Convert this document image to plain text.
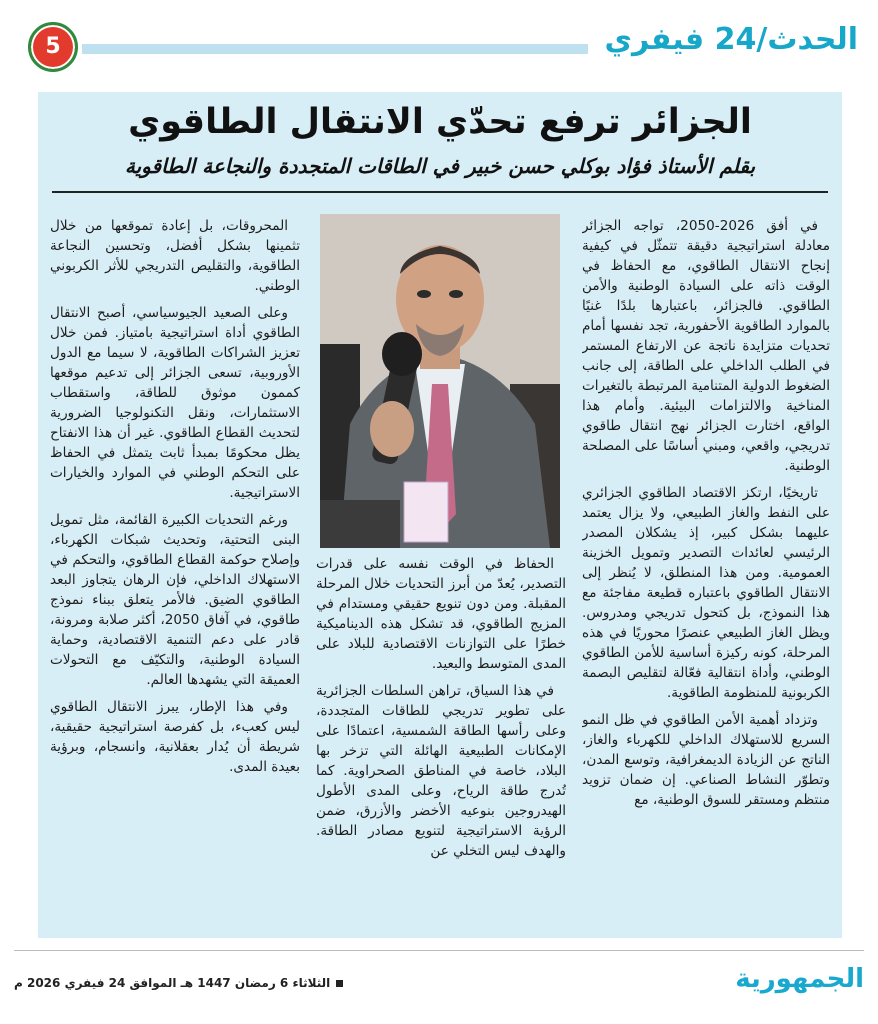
5	الحدث/24 فيفري
الجزائر ترفع تحدّي الانتقال الطاقوي
بقلم الأستاذ فؤاد بوكلي حسن خبير في الطاقات المتجددة والنجاعة الطاقوية

في أفق 2026-2050، تواجه الجزائر معادلة استراتيجية دقيقة تتمثّل في كيفية إنجاح الانتقال الطاقوي، مع الحفاظ في الوقت ذاته على السيادة الوطنية والأمن الطاقوي. فالجزائر، باعتبارها بلدًا غنيًا بالموارد الطاقوية الأحفورية، تجد نفسها أمام تحديات متزايدة ناتجة عن الارتفاع المستمر في الطلب الداخلي على الطاقة، إلى جانب الضغوط الدولية المتنامية المرتبطة بالتغيرات المناخية والالتزامات البيئية. وأمام هذا الواقع، اختارت الجزائر نهج انتقال طاقوي تدريجي، واقعي، ومبني أساسًا على المصلحة الوطنية.

تاريخيًا، ارتكز الاقتصاد الطاقوي الجزائري على النفط والغاز الطبيعي، ولا يزال يعتمد عليهما بشكل كبير، إذ يشكلان المصدر الرئيسي لعائدات التصدير وتمويل الخزينة العمومية. ومن هذا المنطلق، لا يُنظر إلى الانتقال الطاقوي باعتباره قطيعة مفاجئة مع هذا النموذج، بل كتحول تدريجي ومدروس. ويظل الغاز الطبيعي عنصرًا محوريًا في هذه المرحلة، كونه ركيزة أساسية للأمن الطاقوي الوطني، وأداة انتقالية فعّالة لتقليص البصمة الكربونية للمنظومة الطاقوية.

وتزداد أهمية الأمن الطاقوي في ظل النمو السريع للاستهلاك الداخلي للكهرباء والغاز، الناتج عن الزيادة الديمغرافية، وتوسع المدن، وتطوّر النشاط الصناعي. إن ضمان تزويد منتظم ومستقر للسوق الوطنية، مع

الحفاظ في الوقت نفسه على قدرات التصدير، يُعدّ من أبرز التحديات خلال المرحلة المقبلة. ومن دون تنويع حقيقي ومستدام في المزيج الطاقوي، قد تشكل هذه الديناميكية خطرًا على التوازنات الاقتصادية للبلاد على المدى المتوسط والبعيد.

في هذا السياق، تراهن السلطات الجزائرية على تطوير تدريجي للطاقات المتجددة، وعلى رأسها الطاقة الشمسية، اعتمادًا على الإمكانات الطبيعية الهائلة التي تزخر بها البلاد، خاصة في المناطق الصحراوية. كما تُدرج طاقة الرياح، وعلى المدى الأطول الهيدروجين بنوعيه الأخضر والأزرق، ضمن الرؤية الاستراتيجية لتنويع مصادر الطاقة. والهدف ليس التخلي عن

المحروقات، بل إعادة تموقعها من خلال تثمينها بشكل أفضل، وتحسين النجاعة الطاقوية، والتقليص التدريجي للأثر الكربوني الوطني.

وعلى الصعيد الجيوسياسي، أصبح الانتقال الطاقوي أداة استراتيجية بامتياز. فمن خلال تعزيز الشراكات الطاقوية، لا سيما مع الدول الأوروبية، تسعى الجزائر إلى تدعيم موقعها كممون موثوق للطاقة، واستقطاب الاستثمارات، ونقل التكنولوجيا الضرورية لتحديث القطاع الطاقوي. غير أن هذا الانفتاح يظل محكومًا بمبدأ ثابت يتمثل في الحفاظ على التحكم الوطني في الموارد والخيارات الاستراتيجية.

ورغم التحديات الكبيرة القائمة، مثل تمويل البنى التحتية، وتحديث شبكات الكهرباء، وإصلاح حوكمة القطاع الطاقوي، والتحكم في الاستهلاك الداخلي، فإن الرهان يتجاوز البعد الطاقوي الضيق. فالأمر يتعلق ببناء نموذج طاقوي، في آفاق 2050، أكثر صلابة ومرونة، قادر على دعم التنمية الاقتصادية، وحماية السيادة الوطنية، والتكيّف مع التحولات العميقة التي يشهدها العالم.

وفي هذا الإطار، يبرز الانتقال الطاقوي ليس كعبء، بل كفرصة استراتيجية حقيقية، شريطة أن يُدار بعقلانية، وانسجام، وبرؤية بعيدة المدى.

الثلاثاء 6 رمضان 1447 هـ الموافق 24 فيفري 2026 م	الجمهورية
